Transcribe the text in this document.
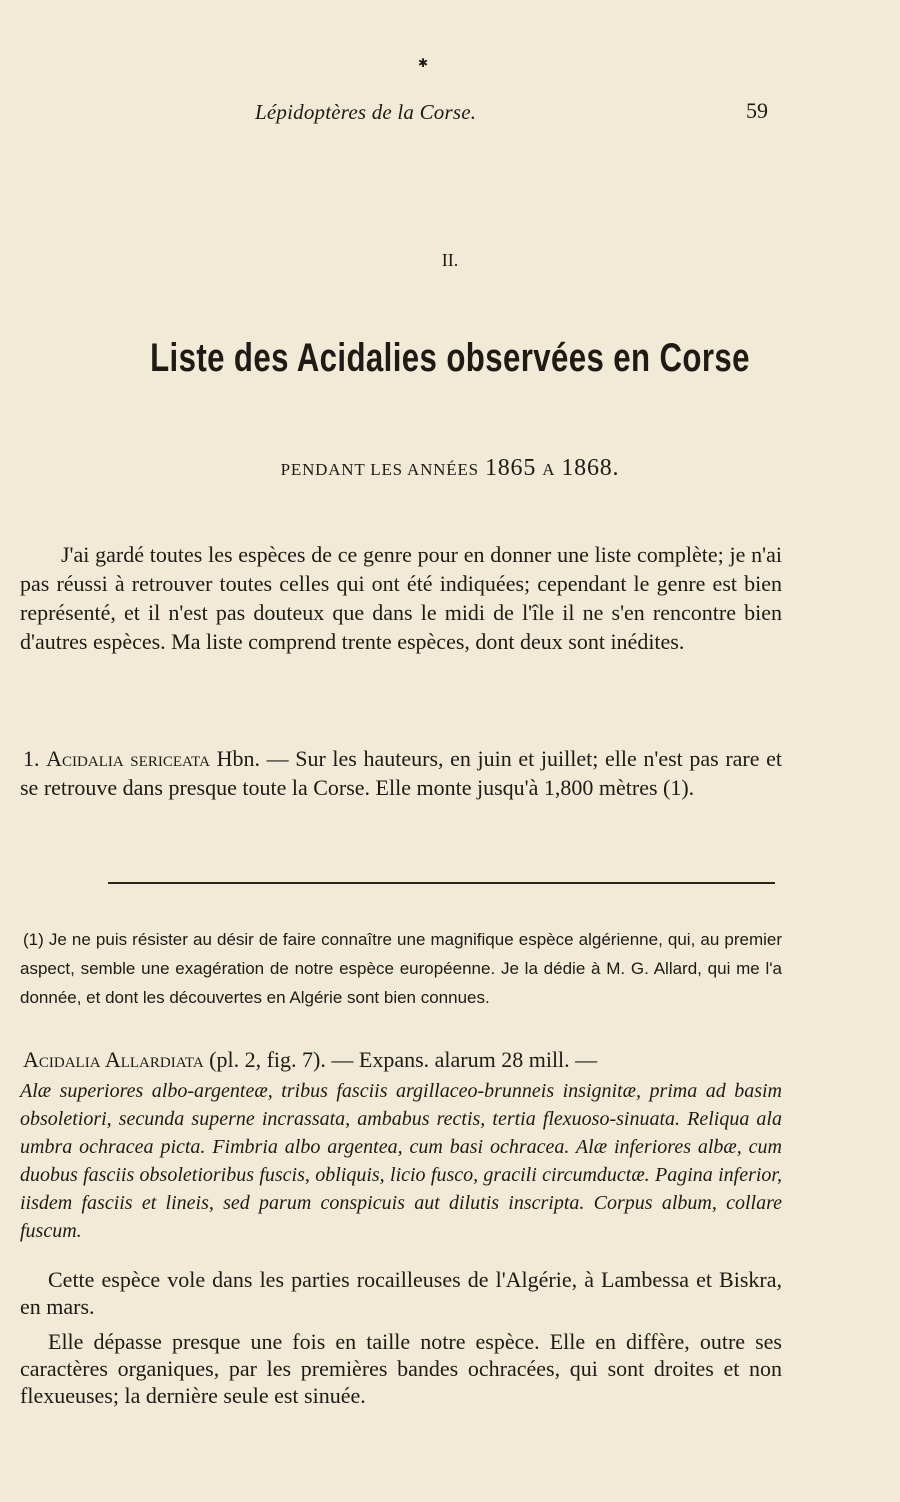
✱
Lépidoptères de la Corse.	59
II.
Liste des Acidalies observées en Corse
PENDANT LES ANNÉES 1865 A 1868.

J'ai gardé toutes les espèces de ce genre pour en donner une liste complète; je n'ai pas réussi à retrouver toutes celles qui ont été indiquées; cependant le genre est bien représenté, et il n'est pas douteux que dans le midi de l'île il ne s'en rencontre bien d'autres espèces. Ma liste comprend trente espèces, dont deux sont inédites.

1. Acidalia sericeata Hbn. — Sur les hauteurs, en juin et juillet; elle n'est pas rare et se retrouve dans presque toute la Corse. Elle monte jusqu'à 1,800 mètres (1).

(1) Je ne puis résister au désir de faire connaître une magnifique espèce algérienne, qui, au premier aspect, semble une exagération de notre espèce européenne. Je la dédie à M. G. Allard, qui me l'a donnée, et dont les découvertes en Algérie sont bien connues.

Acidalia Allardiata (pl. 2, fig. 7). — Expans. alarum 28 mill. —

Alæ superiores albo-argenteæ, tribus fasciis argillaceo-brunneis insignitæ, prima ad basim obsoletiori, secunda superne incrassata, ambabus rectis, tertia flexuoso-sinuata. Reliqua ala umbra ochracea picta. Fimbria albo argentea, cum basi ochracea. Alæ inferiores albæ, cum duobus fasciis obsoletioribus fuscis, obliquis, licio fusco, gracili circumductæ. Pagina inferior, iisdem fasciis et lineis, sed parum conspicuis aut dilutis inscripta. Corpus album, collare fuscum.

Cette espèce vole dans les parties rocailleuses de l'Algérie, à Lambessa et Biskra, en mars.

Elle dépasse presque une fois en taille notre espèce. Elle en diffère, outre ses caractères organiques, par les premières bandes ochracées, qui sont droites et non flexueuses; la dernière seule est sinuée.
